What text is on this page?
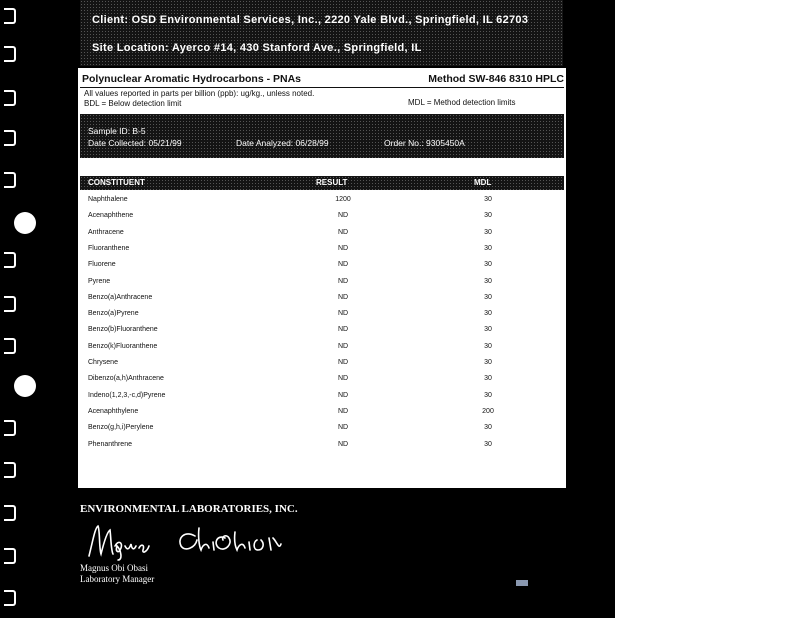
Client: OSD Environmental Services, Inc., 2220 Yale Blvd., Springfield, IL 62703
Site Location: Ayerco #14, 430 Stanford Ave., Springfield, IL
Polynuclear Aromatic Hydrocarbons - PNAs	Method SW-846 8310 HPLC
All values reported in parts per billion (ppb): ug/kg., unless noted.
BDL = Below detection limit	MDL = Method detection limits
Sample ID: B-5
Date Collected: 05/21/99	Date Analyzed: 06/28/99	Order No.: 9305450A
CONSTITUENT	RESULT	MDL
Naphthalene	1200	30
Acenaphthene	ND	30
Anthracene	ND	30
Fluoranthene	ND	30
Fluorene	ND	30
Pyrene	ND	30
Benzo(a)Anthracene	ND	30
Benzo(a)Pyrene	ND	30
Benzo(b)Fluoranthene	ND	30
Benzo(k)Fluoranthene	ND	30
Chrysene	ND	30
Dibenzo(a,h)Anthracene	ND	30
Indeno(1,2,3,-c,d)Pyrene	ND	30
Acenaphthylene	ND	200
Benzo(g,h,i)Perylene	ND	30
Phenanthrene	ND	30
I certify that this data package is in compliance with the terms and conditions of the contract, both technically and for completeness. Release of the data contained in this hardcopy data package has been authorized by the Laboratory Manager or his designee, as verified by the following signature.
ENVIRONMENTAL LABORATORIES, INC.
Magnus Obi Obasi
Laboratory Manager
